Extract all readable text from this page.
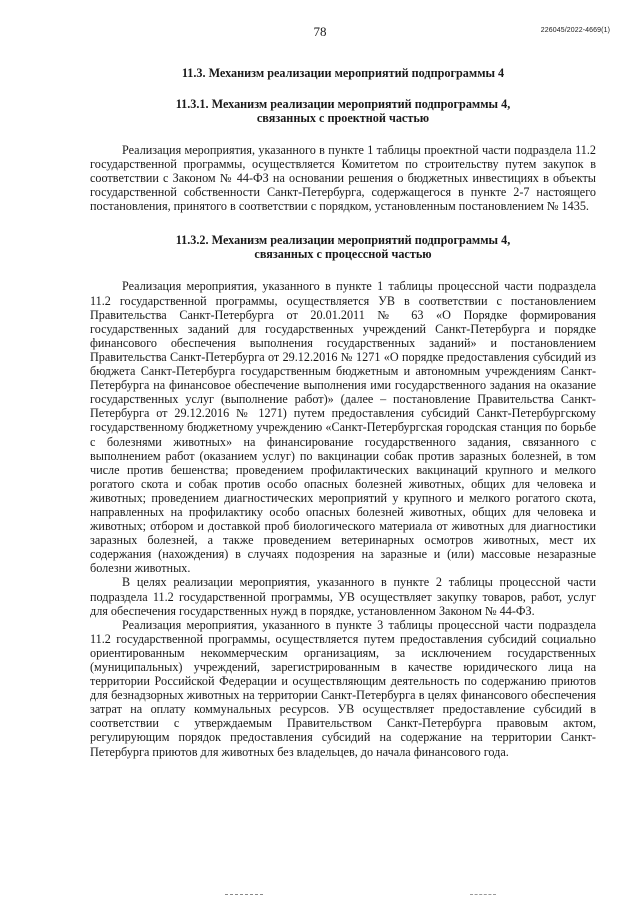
78	226045/2022-4669(1)
11.3. Механизм реализации мероприятий подпрограммы 4
11.3.1. Механизм реализации мероприятий подпрограммы 4,
связанных с проектной частью

Реализация мероприятия, указанного в пункте 1 таблицы проектной части подраздела 11.2 государственной программы, осуществляется Комитетом по строительству путем закупок в соответствии с Законом № 44-ФЗ на основании решения о бюджетных инвестициях в объекты государственной собственности Санкт-Петербурга, содержащегося в пункте 2-7 настоящего постановления, принятого в соответствии с порядком, установленным постановлением № 1435.

11.3.2. Механизм реализации мероприятий подпрограммы 4,
связанных с процессной частью

Реализация мероприятия, указанного в пункте 1 таблицы процессной части подраздела 11.2 государственной программы, осуществляется УВ в соответствии с постановлением Правительства Санкт-Петербурга от 20.01.2011 № 63 «О Порядке формирования государственных заданий для государственных учреждений Санкт-Петербурга и порядке финансового обеспечения выполнения государственных заданий» и постановлением Правительства Санкт-Петербурга от 29.12.2016 № 1271 «О порядке предоставления субсидий из бюджета Санкт-Петербурга государственным бюджетным и автономным учреждениям Санкт-Петербурга на финансовое обеспечение выполнения ими государственного задания на оказание государственных услуг (выполнение работ)» (далее – постановление Правительства Санкт-Петербурга от 29.12.2016 № 1271) путем предоставления субсидий Санкт-Петербургскому государственному бюджетному учреждению «Санкт-Петербургская городская станция по борьбе с болезнями животных» на финансирование государственного задания, связанного с выполнением работ (оказанием услуг) по вакцинации собак против заразных болезней, в том числе против бешенства; проведением профилактических вакцинаций крупного и мелкого рогатого скота и собак против особо опасных болезней животных, общих для человека и животных; проведением диагностических мероприятий у крупного и мелкого рогатого скота, направленных на профилактику особо опасных болезней животных, общих для человека и животных; отбором и доставкой проб биологического материала от животных для диагностики заразных болезней, а также проведением ветеринарных осмотров животных, мест их содержания (нахождения) в случаях подозрения на заразные и (или) массовые незаразные болезни животных.

В целях реализации мероприятия, указанного в пункте 2 таблицы процессной части подраздела 11.2 государственной программы, УВ осуществляет закупку товаров, работ, услуг для обеспечения государственных нужд в порядке, установленном Законом № 44-ФЗ.

Реализация мероприятия, указанного в пункте 3 таблицы процессной части подраздела 11.2 государственной программы, осуществляется путем предоставления субсидий социально ориентированным некоммерческим организациям, за исключением государственных (муниципальных) учреждений, зарегистрированным в качестве юридического лица на территории Российской Федерации и осуществляющим деятельность по содержанию приютов для безнадзорных животных на территории Санкт-Петербурга в целях финансового обеспечения затрат на оплату коммунальных ресурсов. УВ осуществляет предоставление субсидий в соответствии с утверждаемым Правительством Санкт-Петербурга правовым актом, регулирующим порядок предоставления субсидий на содержание на территории Санкт-Петербурга приютов для животных без владельцев, до начала финансового года.
